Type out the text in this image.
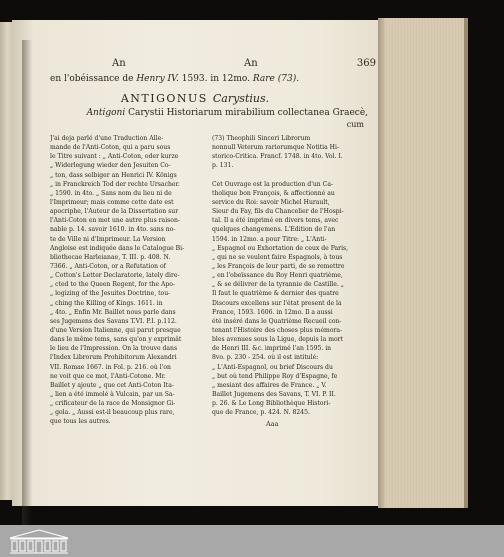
An	An	369
en l'obéissance de Henry IV. 1593. in 12mo. Rare (73).
ANTIGONUS Carystius.
Antigoni Carystii Historiarum mirabilium collectanea Graecè,
cum
J'ai deja parlé d'une Traduction Alle-
mande de l'Anti-Coton, qui a paru sous
le Titre suivant : „ Anti-Coton, oder kurze
„ Widerlegung wieder den Jesuiten Co-
„ ton, dass selbiger an Henrici IV. Königs
„ in Franckreich Tod der rechte Ursacher.
„ 1590. in 4to. „ Sans nom du lieu ni de
l'Imprimeur; mais comme cette date est
apocriphe, l'Auteur de la Dissertation sur
l'Anti-Coton en met une autre plus raison-
nable p. 14. savoir 1610. in 4to. sans no-
te de Ville ni d'Imprimeur. La Version
Angloise est indiquée dans le Catalogue Bi-
bliothecae Harleianae, T. III. p. 408. N.
7366. „ Anti-Coton, or a Refutation of
„ Cotton's Letter Declaratorie, lately dire-
„ cted to the Queen Regent, for the Apo-
„ logizing of the Jesuites Doctrine, tou-
„ ching the Killing of Kings. 1611. in
„ 4to. „ Enfin Mr. Baillet nous parle dans
ses Jugemens des Savans T.VI. P.I. p.112.
d'une Version Italienne, qui parut presque
dans le même tems, sans qu'on y exprimât
le lieu de l'Impression. On la trouve dans
l'Index Librorum Prohibitorum Alexandri
VII. Romae 1667. in Fol. p. 216. où l'on
ne voit que ce mot, l'Anti-Cotone. Mr.
Baillet y ajoute „ que cet Anti-Coton Ita-
„ lien a été immolé à Vulcain, par un Sa-
„ crificateur de la race de Monsignor Gi-
„ gola. „ Aussi est-il beaucoup plus rare,
que tous les autres.
(73) Theophili Sinceri Librorum
nonnull Veterum rariorumque Notitia Hi-
storico-Critica. Francf. 1748. in 4to. Vol. I.
p. 131.
Cet Ouvrage est la production d'un Ca-
tholique bon François, & affectionné au
service du Roi: savoir Michel Hurault,
Sieur du Fay, fils du Chancelier de l'Hospi-
tal. Il a été imprimé en divers tems, avec
quelques changemens. L'Edition de l'an
1594. in 12mo. a pour Titre: „ L'Anti-
„ Espagnol ou Exhortation de ceux de Paris,
„ qui ne se veulent faire Espagnols, à tous
„ les François de leur parti, de se remettre
„ en l'obeïssance du Roy Henri quatrième,
„ & se délivrer de la tyrannie de Castille. „
Il faut le quatrième & dernier des quatre
Discours excellens sur l'état present de la
France, 1593. 1606. in 12mo. Il a aussi
été inséré dans le Quatrième Recueil con-
tenant l'Histoire des choses plus mémora-
bles avenues sous la Ligue, depuis la mort
de Henri III. &c. imprimé l'an 1595. in
8vo. p. 230 - 254. où il est intitulé:
„ L'Anti-Espagnol, ou brief Discours du
„ but où tend Philippe Roy d'Espagne, fe
„ mesiant des affaires de France. „ V.
Baillet Jugemens des Savans, T. VI. P. II.
p. 26. & Le Long Bibliothèque Histori-
que de France, p. 424. N. 8245.
Aaa
